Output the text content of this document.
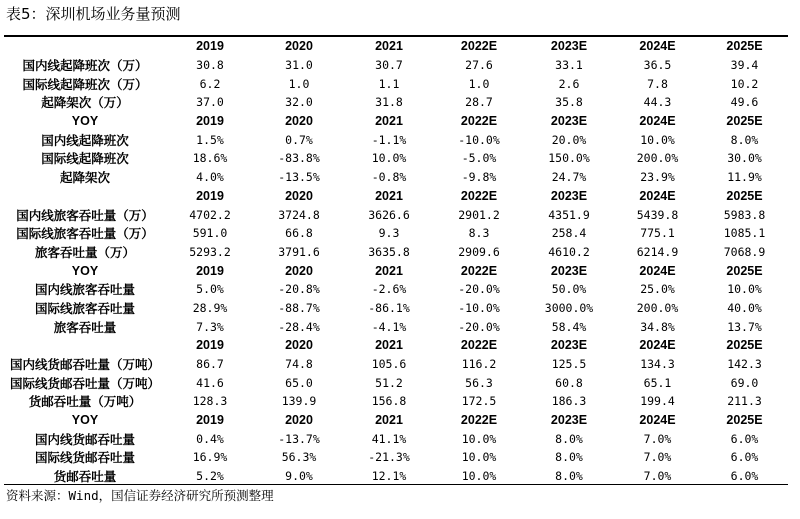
表5：深圳机场业务量预测
	2019	2020	2021	2022E	2023E	2024E	2025E
国内线起降班次（万）	30.8	31.0	30.7	27.6	33.1	36.5	39.4
国际线起降班次（万）	6.2	1.0	1.1	1.0	2.6	7.8	10.2
起降架次（万）	37.0	32.0	31.8	28.7	35.8	44.3	49.6
YOY	2019	2020	2021	2022E	2023E	2024E	2025E
国内线起降班次	1.5%	0.7%	-1.1%	-10.0%	20.0%	10.0%	8.0%
国际线起降班次	18.6%	-83.8%	10.0%	-5.0%	150.0%	200.0%	30.0%
起降架次	4.0%	-13.5%	-0.8%	-9.8%	24.7%	23.9%	11.9%
	2019	2020	2021	2022E	2023E	2024E	2025E
国内线旅客吞吐量（万）	4702.2	3724.8	3626.6	2901.2	4351.9	5439.8	5983.8
国际线旅客吞吐量（万）	591.0	66.8	9.3	8.3	258.4	775.1	1085.1
旅客吞吐量（万）	5293.2	3791.6	3635.8	2909.6	4610.2	6214.9	7068.9
YOY	2019	2020	2021	2022E	2023E	2024E	2025E
国内线旅客吞吐量	5.0%	-20.8%	-2.6%	-20.0%	50.0%	25.0%	10.0%
国际线旅客吞吐量	28.9%	-88.7%	-86.1%	-10.0%	3000.0%	200.0%	40.0%
旅客吞吐量	7.3%	-28.4%	-4.1%	-20.0%	58.4%	34.8%	13.7%
	2019	2020	2021	2022E	2023E	2024E	2025E
国内线货邮吞吐量（万吨）	86.7	74.8	105.6	116.2	125.5	134.3	142.3
国际线货邮吞吐量（万吨）	41.6	65.0	51.2	56.3	60.8	65.1	69.0
货邮吞吐量（万吨）	128.3	139.9	156.8	172.5	186.3	199.4	211.3
YOY	2019	2020	2021	2022E	2023E	2024E	2025E
国内线货邮吞吐量	0.4%	-13.7%	41.1%	10.0%	8.0%	7.0%	6.0%
国际线货邮吞吐量	16.9%	56.3%	-21.3%	10.0%	8.0%	7.0%	6.0%
货邮吞吐量	5.2%	9.0%	12.1%	10.0%	8.0%	7.0%	6.0%
资料来源：Wind，国信证券经济研究所预测整理
